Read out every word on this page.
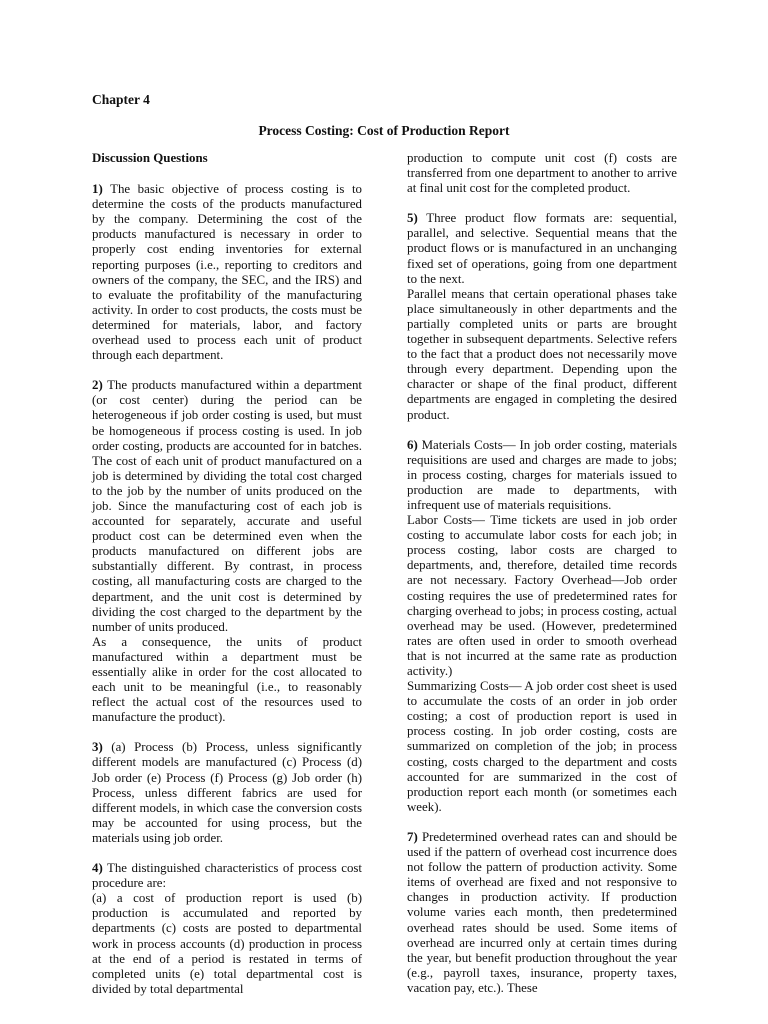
Chapter 4
Process Costing: Cost of Production Report
Discussion Questions

1) The basic objective of process costing is to determine the costs of the products manufactured by the company. Determining the cost of the products manufactured is necessary in order to properly cost ending inventories for external reporting purposes (i.e., reporting to creditors and owners of the company, the SEC, and the IRS) and to evaluate the profitability of the manufacturing activity. In order to cost products, the costs must be determined for materials, labor, and factory overhead used to process each unit of product through each department.

2) The products manufactured within a department (or cost center) during the period can be heterogeneous if job order costing is used, but must be homogeneous if process costing is used. In job order costing, products are accounted for in batches. The cost of each unit of product manufactured on a job is determined by dividing the total cost charged to the job by the number of units produced on the job. Since the manufacturing cost of each job is accounted for separately, accurate and useful product cost can be determined even when the products manufactured on different jobs are substantially different. By contrast, in process costing, all manufacturing costs are charged to the department, and the unit cost is determined by dividing the cost charged to the department by the number of units produced.

As a consequence, the units of product manufactured within a department must be essentially alike in order for the cost allocated to each unit to be meaningful (i.e., to reasonably reflect the actual cost of the resources used to manufacture the product).

3) (a) Process (b) Process, unless significantly different models are manufactured (c) Process (d) Job order (e) Process (f) Process (g) Job order (h) Process, unless different fabrics are used for different models, in which case the conversion costs may be accounted for using process, but the materials using job order.

4) The distinguished characteristics of process cost procedure are:

(a) a cost of production report is used (b) production is accumulated and reported by departments (c) costs are posted to departmental work in process accounts (d) production in process at the end of a period is restated in terms of completed units (e) total departmental cost is divided by total departmental

production to compute unit cost (f) costs are transferred from one department to another to arrive at final unit cost for the completed product.

5) Three product flow formats are: sequential, parallel, and selective. Sequential means that the product flows or is manufactured in an unchanging fixed set of operations, going from one department to the next.

Parallel means that certain operational phases take place simultaneously in other departments and the partially completed units or parts are brought together in subsequent departments. Selective refers to the fact that a product does not necessarily move through every department. Depending upon the character or shape of the final product, different departments are engaged in completing the desired product.

6) Materials Costs— In job order costing, materials requisitions are used and charges are made to jobs; in process costing, charges for materials issued to production are made to departments, with infrequent use of materials requisitions.

Labor Costs— Time tickets are used in job order costing to accumulate labor costs for each job; in process costing, labor costs are charged to departments, and, therefore, detailed time records are not necessary. Factory Overhead—Job order costing requires the use of predetermined rates for charging overhead to jobs; in process costing, actual overhead may be used. (However, predetermined rates are often used in order to smooth overhead that is not incurred at the same rate as production activity.)

Summarizing Costs— A job order cost sheet is used to accumulate the costs of an order in job order costing; a cost of production report is used in process costing. In job order costing, costs are summarized on completion of the job; in process costing, costs charged to the department and costs accounted for are summarized in the cost of production report each month (or sometimes each week).

7) Predetermined overhead rates can and should be used if the pattern of overhead cost incurrence does not follow the pattern of production activity. Some items of overhead are fixed and not responsive to changes in production activity. If production volume varies each month, then predetermined overhead rates should be used. Some items of overhead are incurred only at certain times during the year, but benefit production throughout the year (e.g., payroll taxes, insurance, property taxes, vacation pay, etc.). These
